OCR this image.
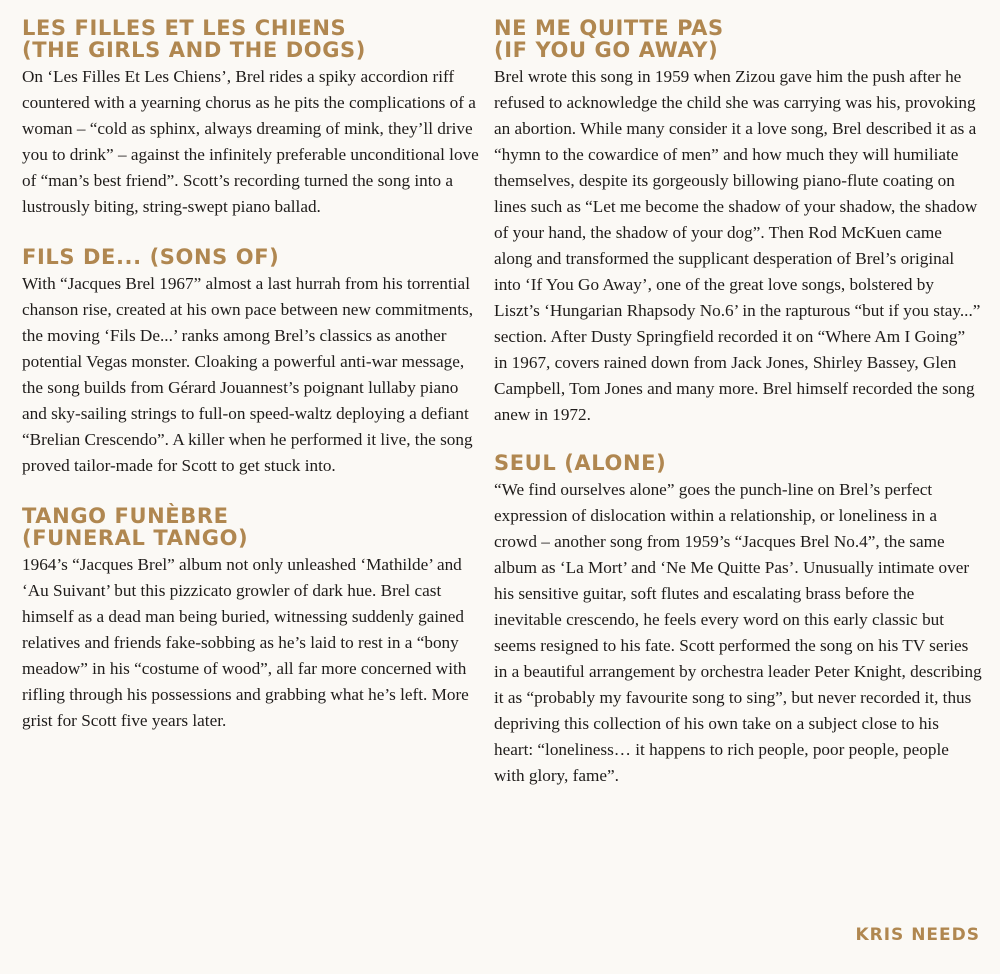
LES FILLES ET LES CHIENS
(THE GIRLS AND THE DOGS)

On ‘Les Filles Et Les Chiens’, Brel rides a spiky accordion riff countered with a yearning chorus as he pits the complications of a woman – “cold as sphinx, always dreaming of mink, they’ll drive you to drink” – against the infinitely preferable unconditional love of “man’s best friend”. Scott’s recording turned the song into a lustrously biting, string-swept piano ballad.

FILS DE... (SONS OF)

With “Jacques Brel 1967” almost a last hurrah from his torrential chanson rise, created at his own pace between new commitments, the moving ‘Fils De...’ ranks among Brel’s classics as another potential Vegas monster. Cloaking a powerful anti-war message, the song builds from Gérard Jouannest’s poignant lullaby piano and sky-sailing strings to full-on speed-waltz deploying a defiant “Brelian Crescendo”. A killer when he performed it live, the song proved tailor-made for Scott to get stuck into.

TANGO FUNÈBRE
(FUNERAL TANGO)

1964’s “Jacques Brel” album not only unleashed ‘Mathilde’ and ‘Au Suivant’ but this pizzicato growler of dark hue. Brel cast himself as a dead man being buried, witnessing suddenly gained relatives and friends fake-sobbing as he’s laid to rest in a “bony meadow” in his “costume of wood”, all far more concerned with rifling through his possessions and grabbing what he’s left. More grist for Scott five years later.

NE ME QUITTE PAS
(IF YOU GO AWAY)

Brel wrote this song in 1959 when Zizou gave him the push after he refused to acknowledge the child she was carrying was his, provoking an abortion. While many consider it a love song, Brel described it as a “hymn to the cowardice of men” and how much they will humiliate themselves, despite its gorgeously billowing piano-flute coating on lines such as “Let me become the shadow of your shadow, the shadow of your hand, the shadow of your dog”. Then Rod McKuen came along and transformed the supplicant desperation of Brel’s original into ‘If You Go Away’, one of the great love songs, bolstered by Liszt’s ‘Hungarian Rhapsody No.6’ in the rapturous “but if you stay...” section. After Dusty Springfield recorded it on “Where Am I Going” in 1967, covers rained down from Jack Jones, Shirley Bassey, Glen Campbell, Tom Jones and many more. Brel himself recorded the song anew in 1972.

SEUL (ALONE)

“We find ourselves alone” goes the punch-line on Brel’s perfect expression of dislocation within a relationship, or loneliness in a crowd – another song from 1959’s “Jacques Brel No.4”, the same album as ‘La Mort’ and ‘Ne Me Quitte Pas’. Unusually intimate over his sensitive guitar, soft flutes and escalating brass before the inevitable crescendo, he feels every word on this early classic but seems resigned to his fate. Scott performed the song on his TV series in a beautiful arrangement by orchestra leader Peter Knight, describing it as “probably my favourite song to sing”, but never recorded it, thus depriving this collection of his own take on a subject close to his heart: “loneliness… it happens to rich people, poor people, people with glory, fame”.

KRIS NEEDS
